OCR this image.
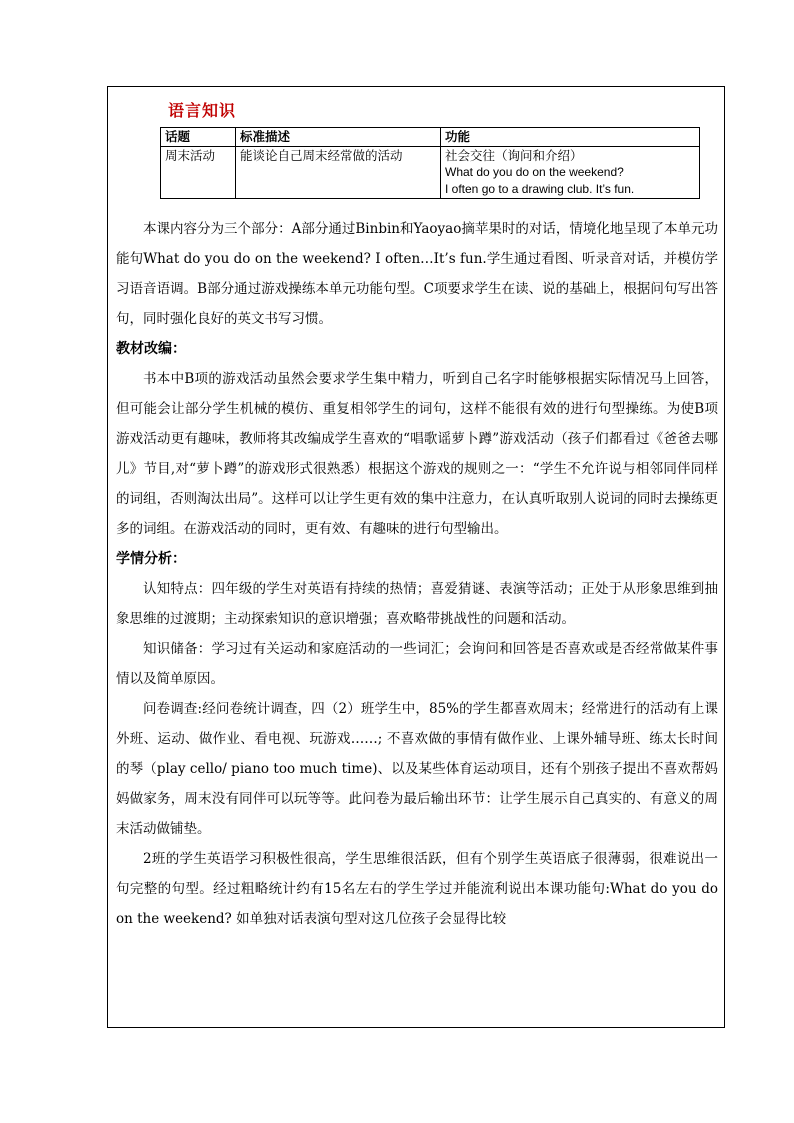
语言知识
话题	标准描述	功能
周末活动	能谈论自己周末经常做的活动	社会交往（询问和介绍）
What do you do on the weekend?
I often go to a drawing club. It’s fun.

本课内容分为三个部分：A部分通过Binbin和Yaoyao摘苹果时的对话，情境化地呈现了本单元功能句What do you do on the weekend? I often…It’s fun.学生通过看图、听录音对话，并模仿学习语音语调。B部分通过游戏操练本单元功能句型。C项要求学生在读、说的基础上，根据问句写出答句，同时强化良好的英文书写习惯。

教材改编：

书本中B项的游戏活动虽然会要求学生集中精力，听到自己名字时能够根据实际情况马上回答，但可能会让部分学生机械的模仿、重复相邻学生的词句，这样不能很有效的进行句型操练。为使B项游戏活动更有趣味，教师将其改编成学生喜欢的“唱歌谣萝卜蹲”游戏活动（孩子们都看过《爸爸去哪儿》节目,对“萝卜蹲”的游戏形式很熟悉）根据这个游戏的规则之一：“学生不允许说与相邻同伴同样的词组，否则淘汰出局”。这样可以让学生更有效的集中注意力，在认真听取别人说词的同时去操练更多的词组。在游戏活动的同时，更有效、有趣味的进行句型输出。

学情分析：

认知特点：四年级的学生对英语有持续的热情；喜爱猜谜、表演等活动；正处于从形象思维到抽象思维的过渡期；主动探索知识的意识增强；喜欢略带挑战性的问题和活动。

知识储备：学习过有关运动和家庭活动的一些词汇；会询问和回答是否喜欢或是否经常做某件事情以及简单原因。

问卷调查:经问卷统计调查，四（2）班学生中，85%的学生都喜欢周末；经常进行的活动有上课外班、运动、做作业、看电视、玩游戏……; 不喜欢做的事情有做作业、上课外辅导班、练太长时间的琴（play cello/ piano too much time)、以及某些体育运动项目，还有个别孩子提出不喜欢帮妈妈做家务，周末没有同伴可以玩等等。此问卷为最后输出环节：让学生展示自己真实的、有意义的周末活动做铺垫。

2班的学生英语学习积极性很高，学生思维很活跃，但有个别学生英语底子很薄弱，很难说出一句完整的句型。经过粗略统计约有15名左右的学生学过并能流利说出本课功能句:What do you do on the weekend? 如单独对话表演句型对这几位孩子会显得比较
